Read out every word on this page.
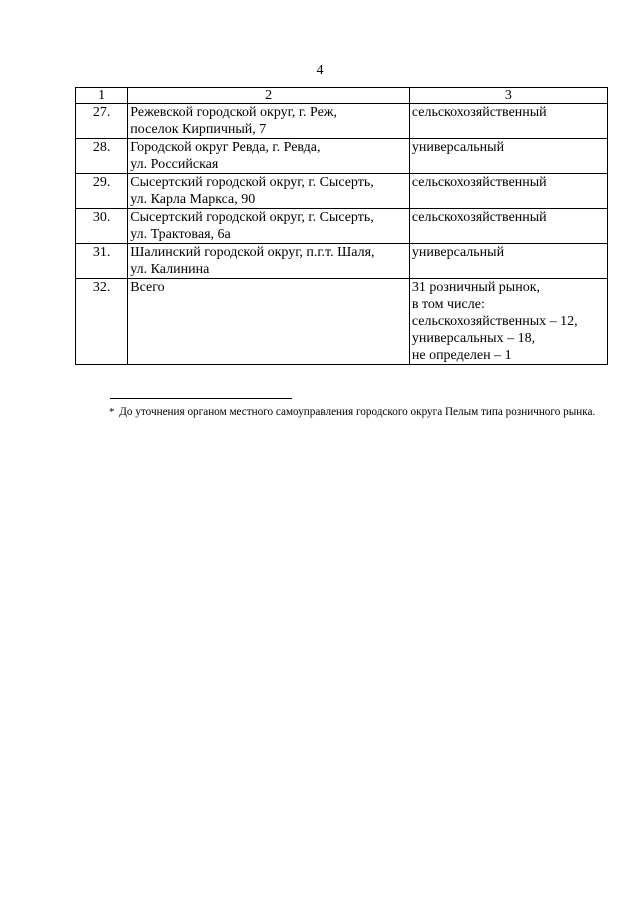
4
1	2	3
27.	Режевской городской округ, г. Реж,
поселок Кирпичный, 7	сельскохозяйственный

28.	Городской округ Ревда, г. Ревда,
ул. Российская	универсальный

29.	Сысертский городской округ, г. Сысерть,
ул. Карла Маркса, 90	сельскохозяйственный

30.	Сысертский городской округ, г. Сысерть,
ул. Трактовая, 6а	сельскохозяйственный

31.	Шалинский городской округ, п.г.т. Шаля,
ул. Калинина	универсальный

32.	Всего	31 розничный рынок,
в том числе:
сельскохозяйственных – 12,
универсальных – 18,
не определен – 1
* До уточнения органом местного самоуправления городского округа Пелым типа розничного рынка.
